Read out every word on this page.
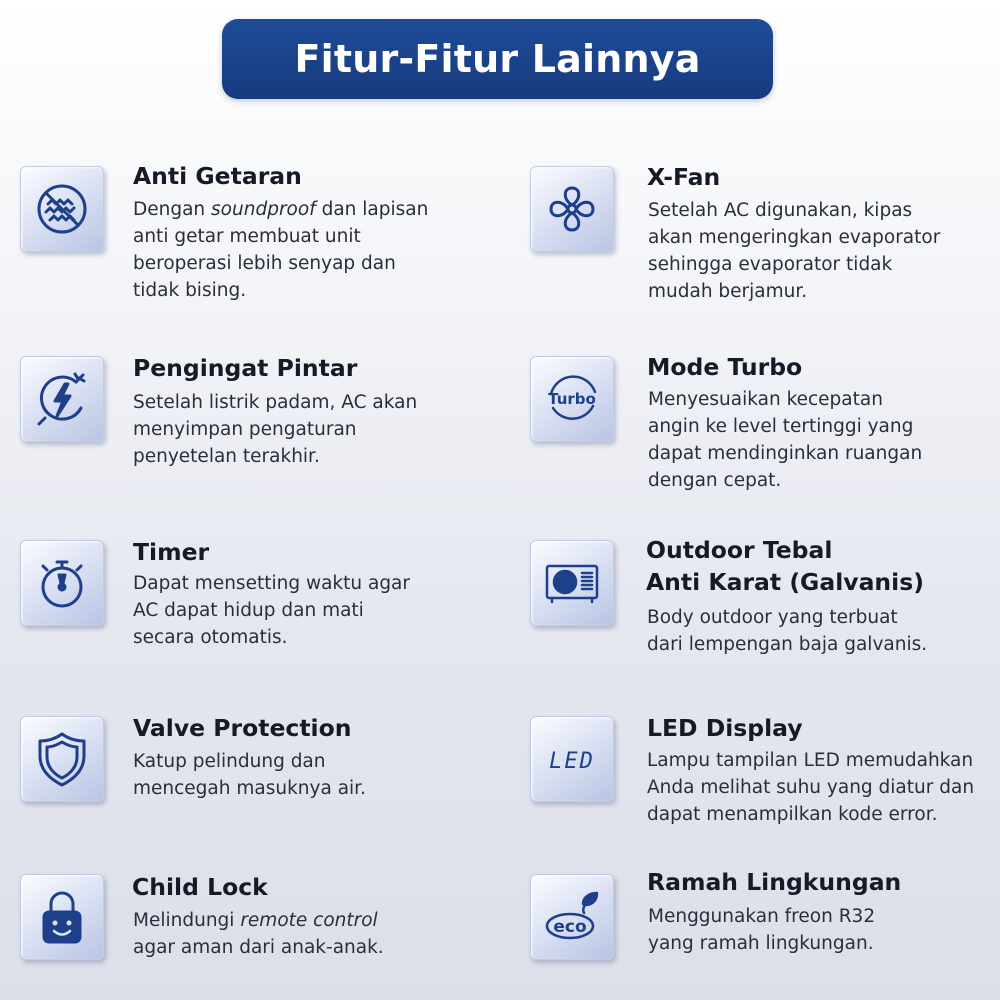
Fitur-Fitur Lainnya
Anti Getaran
Dengan soundproof dan lapisan
anti getar membuat unit
beroperasi lebih senyap dan
tidak bising.
X-Fan
Setelah AC digunakan, kipas
akan mengeringkan evaporator
sehingga evaporator tidak
mudah berjamur.
Pengingat Pintar
Setelah listrik padam, AC akan
menyimpan pengaturan
penyetelan terakhir.
Turbo
Mode Turbo
Menyesuaikan kecepatan
angin ke level tertinggi yang
dapat mendinginkan ruangan
dengan cepat.
Timer
Dapat mensetting waktu agar
AC dapat hidup dan mati
secara otomatis.
Outdoor Tebal
Anti Karat (Galvanis)
Body outdoor yang terbuat
dari lempengan baja galvanis.
Valve Protection
Katup pelindung dan
mencegah masuknya air.
LED
LED Display
Lampu tampilan LED memudahkan
Anda melihat suhu yang diatur dan
dapat menampilkan kode error.
Child Lock
Melindungi remote control
agar aman dari anak-anak.
eco
Ramah Lingkungan
Menggunakan freon R32
yang ramah lingkungan.
